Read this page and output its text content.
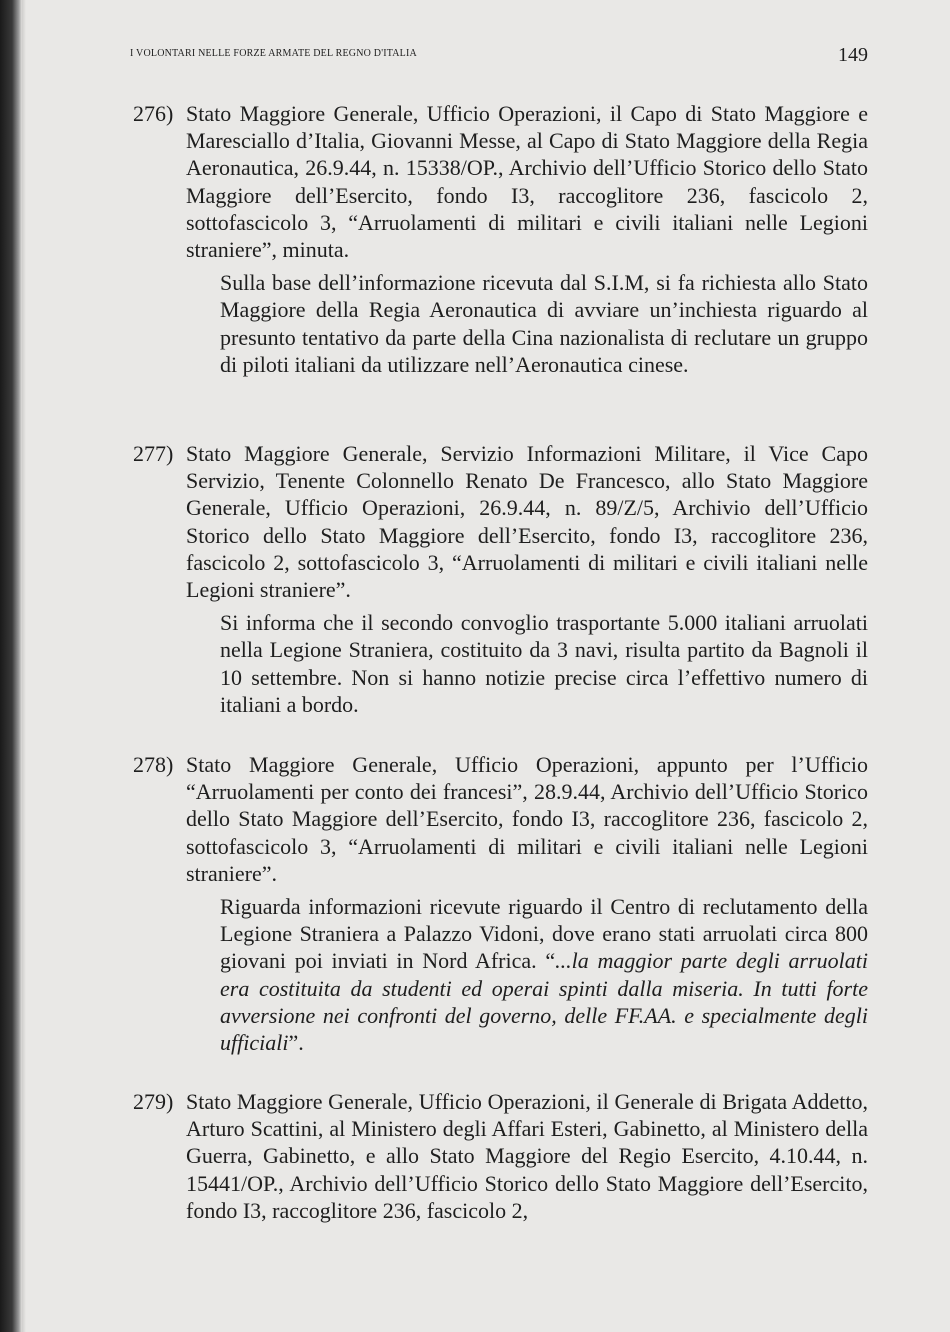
I VOLONTARI NELLE FORZE ARMATE DEL REGNO D'ITALIA	149
276) Stato Maggiore Generale, Ufficio Operazioni, il Capo di Stato Maggiore e Maresciallo d’Italia, Giovanni Messe, al Capo di Stato Maggiore della Regia Aeronautica, 26.9.44, n. 15338/OP., Archivio dell’Ufficio Storico dello Stato Maggiore dell’Esercito, fondo I3, raccoglitore 236, fascicolo 2, sottofascicolo 3, “Arruolamenti di militari e civili italiani nelle Legioni straniere”, minuta.
Sulla base dell’informazione ricevuta dal S.I.M, si fa richiesta allo Stato Maggiore della Regia Aeronautica di avviare un’inchiesta riguardo al presunto tentativo da parte della Cina nazionalista di reclutare un gruppo di piloti italiani da utilizzare nell’Aeronautica cinese.
277) Stato Maggiore Generale, Servizio Informazioni Militare, il Vice Capo Servizio, Tenente Colonnello Renato De Francesco, allo Stato Maggiore Generale, Ufficio Operazioni, 26.9.44, n. 89/Z/5, Archivio dell’Ufficio Storico dello Stato Maggiore dell’Esercito, fondo I3, raccoglitore 236, fascicolo 2, sottofascicolo 3, “Arruolamenti di militari e civili italiani nelle Legioni straniere”.
Si informa che il secondo convoglio trasportante 5.000 italiani arruolati nella Legione Straniera, costituito da 3 navi, risulta partito da Bagnoli il 10 settembre. Non si hanno notizie precise circa l’effettivo numero di italiani a bordo.
278) Stato Maggiore Generale, Ufficio Operazioni, appunto per l’Ufficio “Arruolamenti per conto dei francesi”, 28.9.44, Archivio dell’Ufficio Storico dello Stato Maggiore dell’Esercito, fondo I3, raccoglitore 236, fascicolo 2, sottofascicolo 3, “Arruolamenti di militari e civili italiani nelle Legioni straniere”.
Riguarda informazioni ricevute riguardo il Centro di reclutamento della Legione Straniera a Palazzo Vidoni, dove erano stati arruolati circa 800 giovani poi inviati in Nord Africa. “...la maggior parte degli arruolati era costituita da studenti ed operai spinti dalla miseria. In tutti forte avversione nei confronti del governo, delle FF.AA. e specialmente degli ufficiali”.
279) Stato Maggiore Generale, Ufficio Operazioni, il Generale di Brigata Addetto, Arturo Scattini, al Ministero degli Affari Esteri, Gabinetto, al Ministero della Guerra, Gabinetto, e allo Stato Maggiore del Regio Esercito, 4.10.44, n. 15441/OP., Archivio dell’Ufficio Storico dello Stato Maggiore dell’Esercito, fondo I3, raccoglitore 236, fascicolo 2,
